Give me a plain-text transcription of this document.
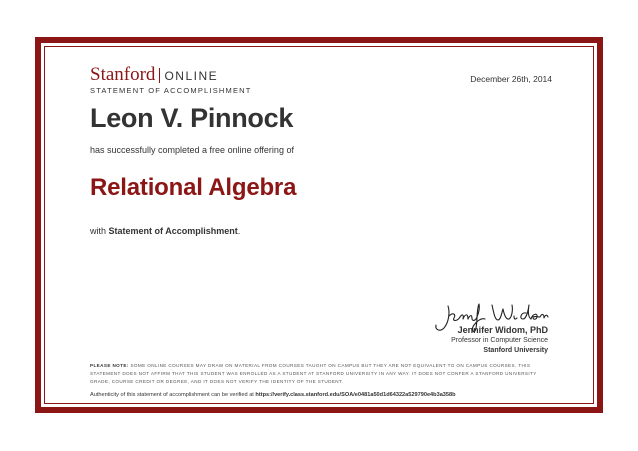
Stanford ONLINE
STATEMENT OF ACCOMPLISHMENT
December 26th, 2014
Leon V. Pinnock
has successfully completed a free online offering of
Relational Algebra
with Statement of Accomplishment.
Jennifer Widom, PhD
Professor in Computer Science
Stanford University
PLEASE NOTE: SOME ONLINE COURSES MAY DRAW ON MATERIAL FROM COURSES TAUGHT ON CAMPUS BUT THEY ARE NOT EQUIVALENT TO ON CAMPUS COURSES. THIS STATEMENT DOES NOT AFFIRM THAT THIS STUDENT WAS ENROLLED AS A STUDENT AT STANFORD UNIVERSITY IN ANY WAY. IT DOES NOT CONFER A STANFORD UNIVERSITY GRADE, COURSE CREDIT OR DEGREE, AND IT DOES NOT VERIFY THE IDENTITY OF THE STUDENT.
Authenticity of this statement of accomplishment can be verified at https://verify.class.stanford.edu/SOA/e0481a50d1d64322a529790e4b3a358b
